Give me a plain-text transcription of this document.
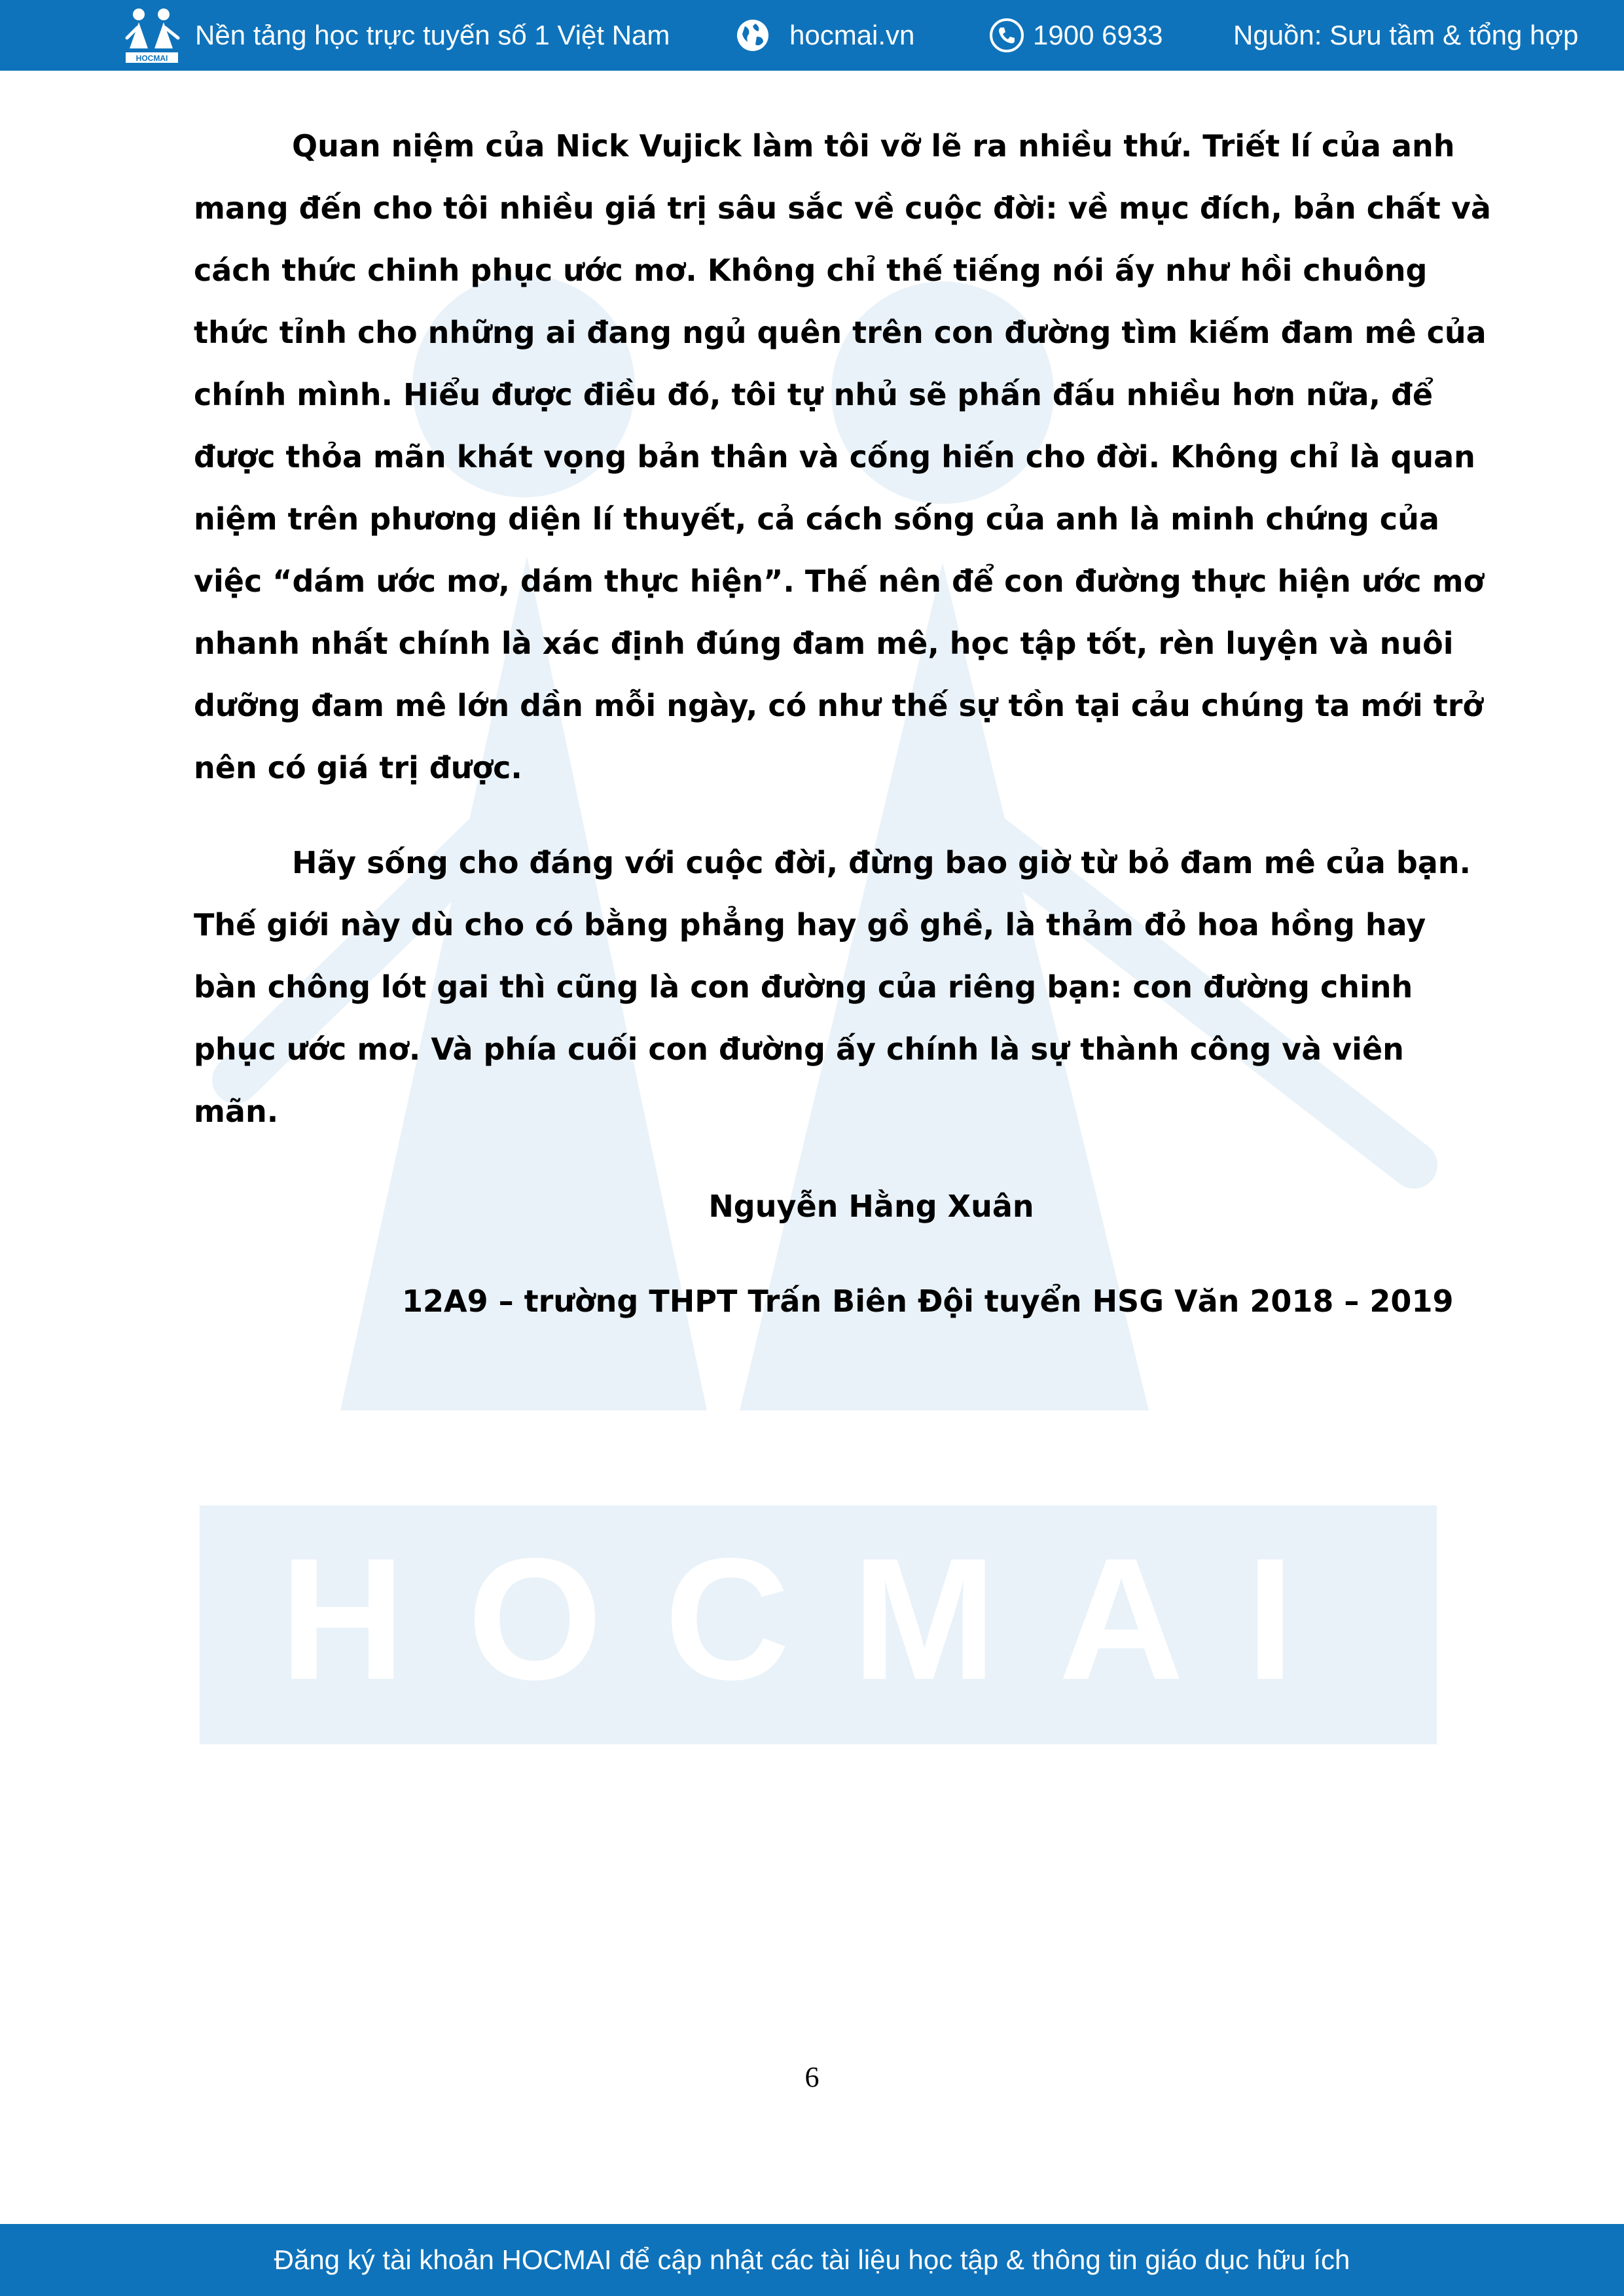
HOCMAI
HOCMAI
Nền tảng học trực tuyến số 1 Việt Nam	hocmai.vn	1900 6933	Nguồn: Sưu tầm & tổng hợp

Quan niệm của Nick Vujick làm tôi vỡ lẽ ra nhiều thứ. Triết lí của anh mang đến cho tôi nhiều giá trị sâu sắc về cuộc đời: về mục đích, bản chất và cách thức chinh phục ước mơ. Không chỉ thế tiếng nói ấy như hồi chuông thức tỉnh cho những ai đang ngủ quên trên con đường tìm kiếm đam mê của chính mình. Hiểu được điều đó, tôi tự nhủ sẽ phấn đấu nhiều hơn nữa, để được thỏa mãn khát vọng bản thân và cống hiến cho đời. Không chỉ là quan niệm trên phương diện lí thuyết, cả cách sống của anh là minh chứng của việc “dám ước mơ, dám thực hiện”. Thế nên để con đường thực hiện ước mơ nhanh nhất chính là xác định đúng đam mê, học tập tốt, rèn luyện và nuôi dưỡng đam mê lớn dần mỗi ngày, có như thế sự tồn tại cảu chúng ta mới trở nên có giá trị được.

Hãy sống cho đáng với cuộc đời, đừng bao giờ từ bỏ đam mê của bạn. Thế giới này dù cho có bằng phẳng hay gồ ghề, là thảm đỏ hoa hồng hay bàn chông lót gai thì cũng là con đường của riêng bạn: con đường chinh phục ước mơ. Và phía cuối con đường ấy chính là sự thành công và viên mãn.

Nguyễn Hằng Xuân

12A9 – trường THPT Trấn Biên Đội tuyển HSG Văn 2018 – 2019

6
Đăng ký tài khoản HOCMAI để cập nhật các tài liệu học tập & thông tin giáo dục hữu ích
